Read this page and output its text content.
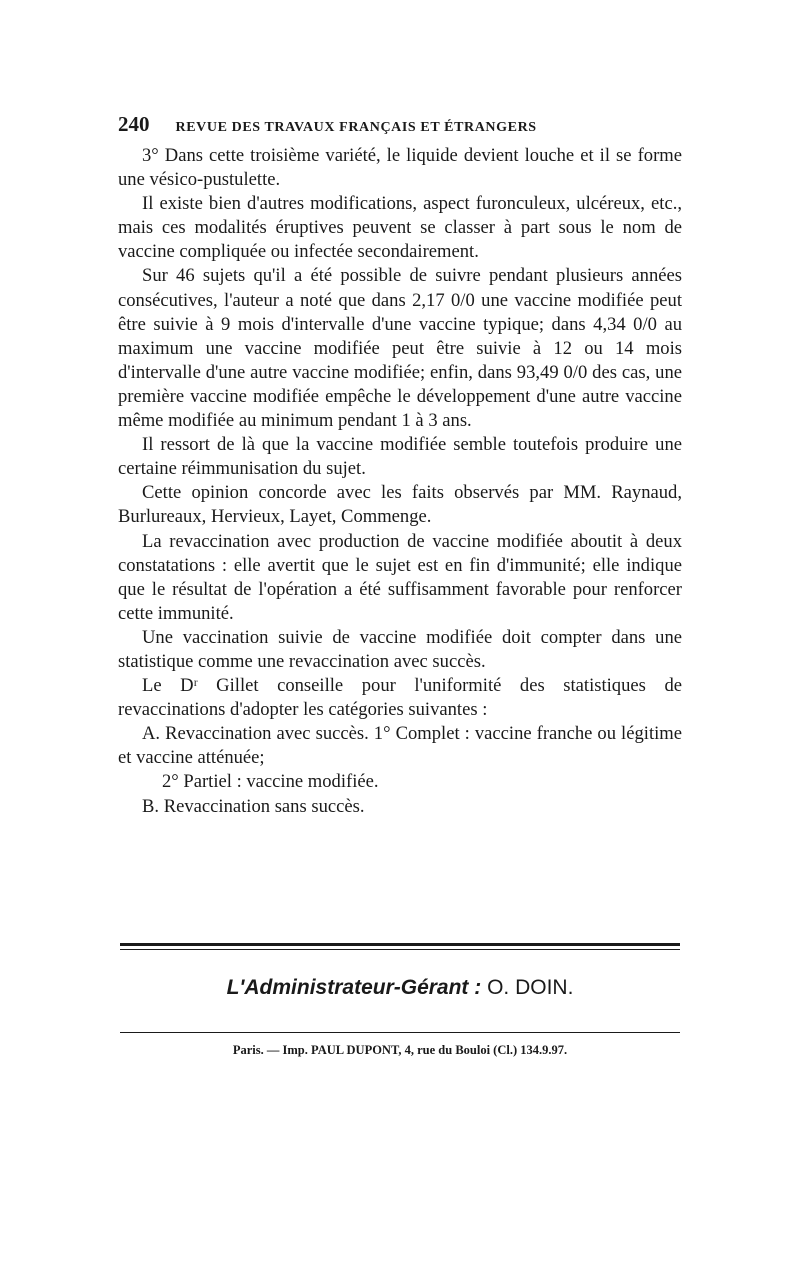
240 REVUE DES TRAVAUX FRANÇAIS ET ÉTRANGERS

3° Dans cette troisième variété, le liquide devient louche et il se forme une vésico-pustulette.

Il existe bien d'autres modifications, aspect furonculeux, ulcéreux, etc., mais ces modalités éruptives peuvent se classer à part sous le nom de vaccine compliquée ou infectée secondairement.

Sur 46 sujets qu'il a été possible de suivre pendant plusieurs années consécutives, l'auteur a noté que dans 2,17 0/0 une vaccine modifiée peut être suivie à 9 mois d'intervalle d'une vaccine typique; dans 4,34 0/0 au maximum une vaccine modifiée peut être suivie à 12 ou 14 mois d'intervalle d'une autre vaccine modifiée; enfin, dans 93,49 0/0 des cas, une première vaccine modifiée empêche le développement d'une autre vaccine même modifiée au minimum pendant 1 à 3 ans.

Il ressort de là que la vaccine modifiée semble toutefois produire une certaine réimmunisation du sujet.

Cette opinion concorde avec les faits observés par MM. Raynaud, Burlureaux, Hervieux, Layet, Commenge.

La revaccination avec production de vaccine modifiée aboutit à deux constatations : elle avertit que le sujet est en fin d'immunité; elle indique que le résultat de l'opération a été suffisamment favorable pour renforcer cette immunité.

Une vaccination suivie de vaccine modifiée doit compter dans une statistique comme une revaccination avec succès.

Le Dʳ Gillet conseille pour l'uniformité des statistiques de revaccinations d'adopter les catégories suivantes :

A. Revaccination avec succès. 1° Complet : vaccine franche ou légitime et vaccine atténuée;

2° Partiel : vaccine modifiée.

B. Revaccination sans succès.

L'Administrateur-Gérant : O. DOIN.
Paris. — Imp. PAUL DUPONT, 4, rue du Bouloi (Cl.) 134.9.97.
